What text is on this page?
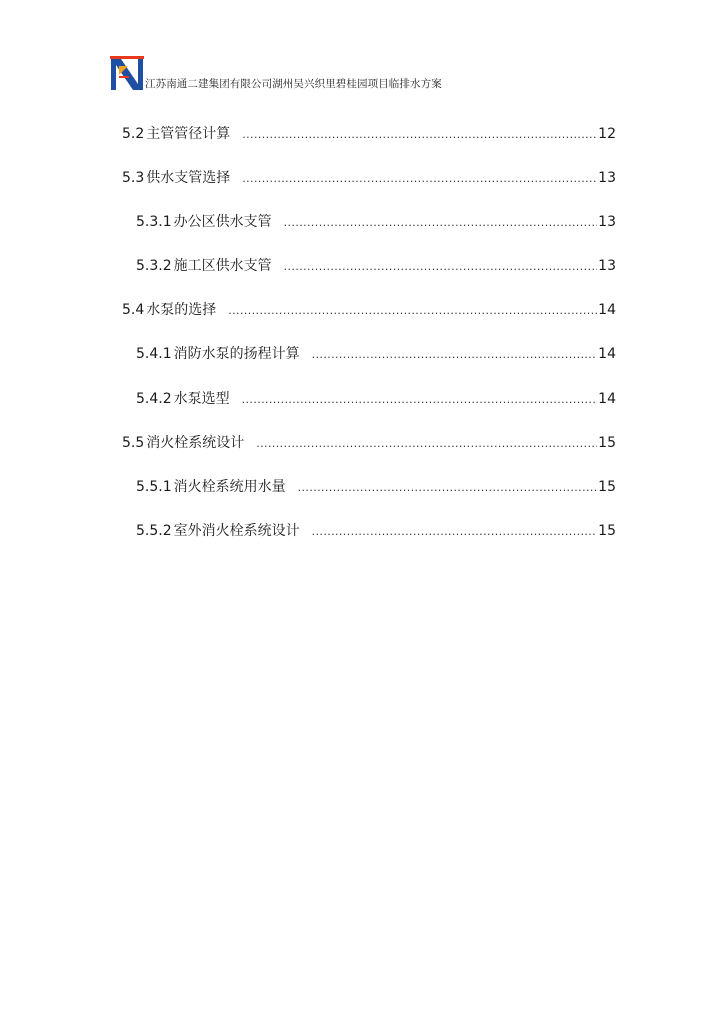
江苏南通二建集团有限公司湖州吴兴织里碧桂园项目临排水方案
5.2 主管管径计算 .....	12
5.3 供水支管选择 .....	13
5.3.1 办公区供水支管 .....	13
5.3.2 施工区供水支管 .....	13
5.4 水泵的选择 .....	14
5.4.1 消防水泵的扬程计算 .....	14
5.4.2 水泵选型 .....	14
5.5 消火栓系统设计 .....	15
5.5.1 消火栓系统用水量 .....	15
5.5.2 室外消火栓系统设计 .....	15
